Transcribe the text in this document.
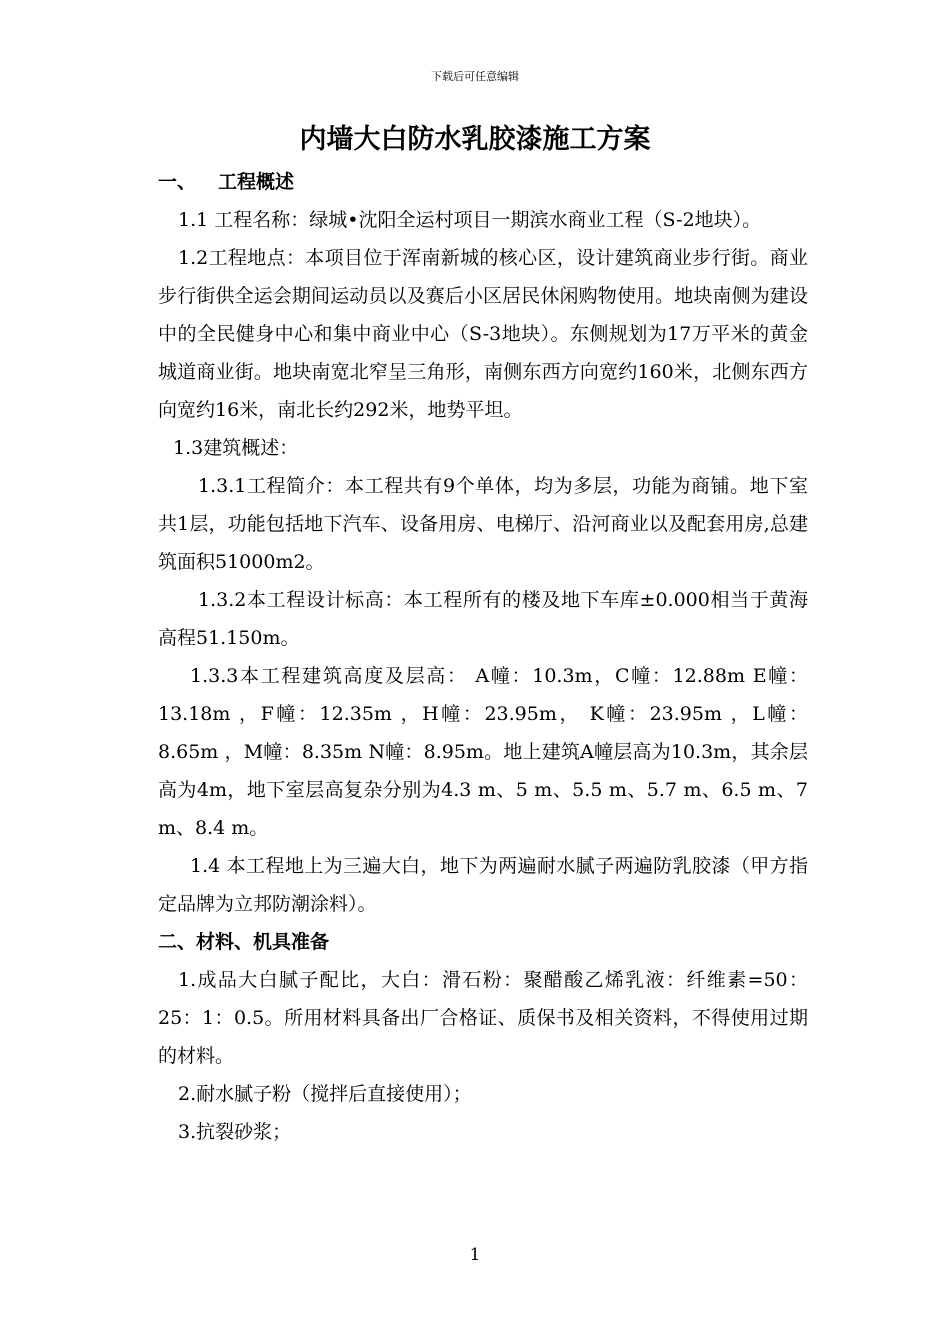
下载后可任意编辑
内墙大白防水乳胶漆施工方案

一、 工程概述

1.1 工程名称：绿城•沈阳全运村项目一期滨水商业工程（S-2地块）。

1.2工程地点：本项目位于浑南新城的核心区，设计建筑商业步行街。商业步行街供全运会期间运动员以及赛后小区居民休闲购物使用。地块南侧为建设中的全民健身中心和集中商业中心（S-3地块）。东侧规划为17万平米的黄金城道商业街。地块南宽北窄呈三角形，南侧东西方向宽约160米，北侧东西方向宽约16米，南北长约292米，地势平坦。

1.3建筑概述：

1.3.1工程简介：本工程共有9个单体，均为多层，功能为商铺。地下室共1层，功能包括地下汽车、设备用房、电梯厅、沿河商业以及配套用房,总建筑面积51000m2。

1.3.2本工程设计标高：本工程所有的楼及地下车库±0.000相当于黄海高程51.150m。

1.3.3本工程建筑高度及层高： A幢：10.3m，C幢：12.88m E幢：13.18m ，F幢：12.35m ，H幢：23.95m， K幢：23.95m ，L幢：8.65m ，M幢：8.35m N幢：8.95m。地上建筑A幢层高为10.3m，其余层高为4m，地下室层高复杂分别为4.3 m、5 m、5.5 m、5.7 m、6.5 m、7 m、8.4 m。

1.4 本工程地上为三遍大白，地下为两遍耐水腻子两遍防乳胶漆（甲方指定品牌为立邦防潮涂料）。

二、材料、机具准备

1.成品大白腻子配比，大白：滑石粉：聚醋酸乙烯乳液：纤维素=50：25：1：0.5。所用材料具备出厂合格证、质保书及相关资料，不得使用过期的材料。

2.耐水腻子粉（搅拌后直接使用）；

3.抗裂砂浆；

1
